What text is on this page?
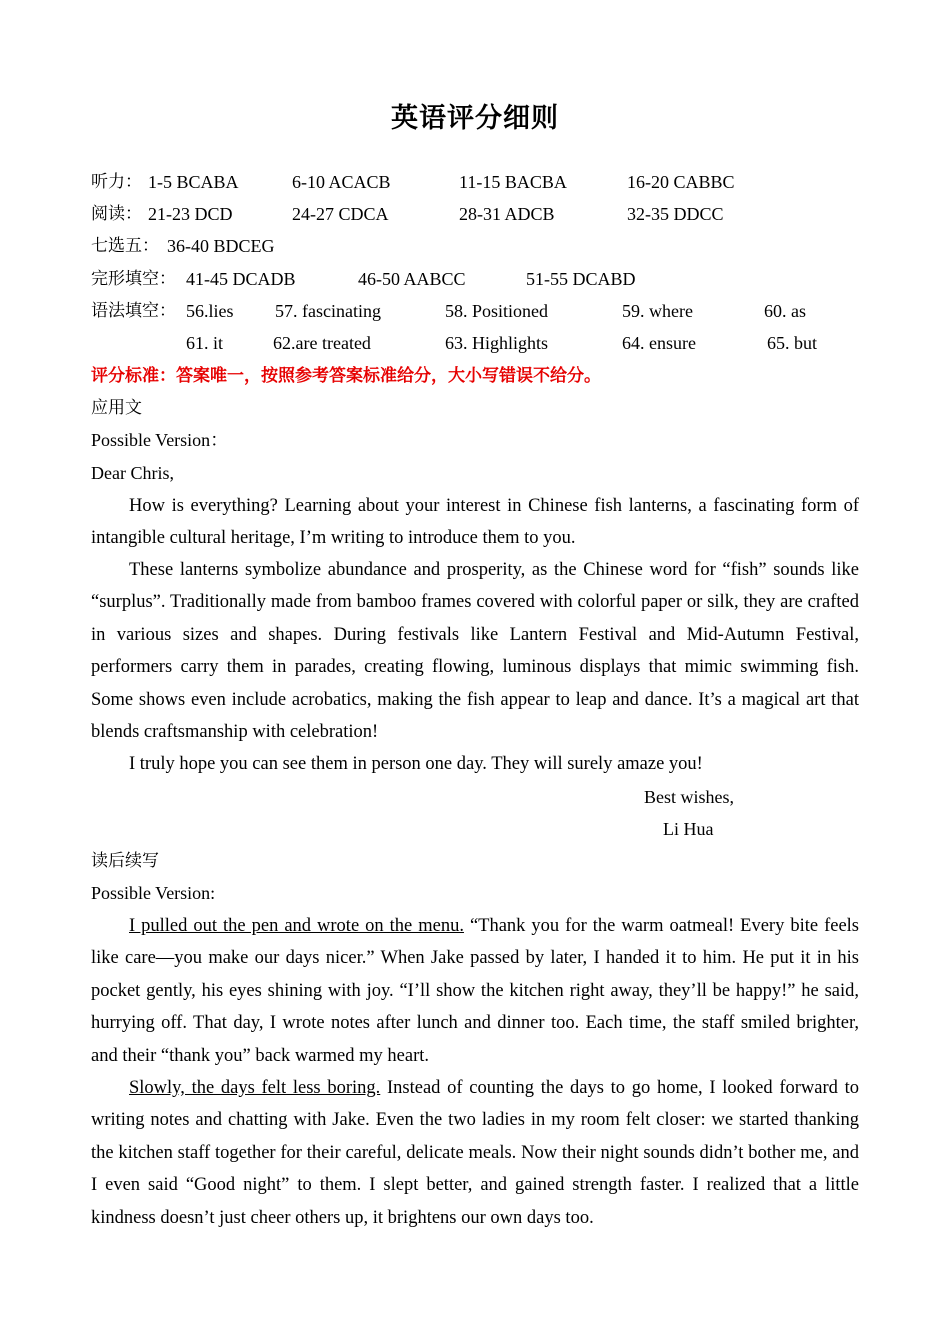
英语评分细则
听力： 1-5 BCABA	6-10 ACACB	11-15 BACBA	16-20 CABBC
阅读： 21-23 DCD	24-27 CDCA	28-31 ADCB	32-35 DDCC
七选五： 36-40 BDCEG
完形填空： 41-45 DCADB	46-50 AABCC	51-55 DCABD
语法填空： 56.lies 57. fascinating	58. Positioned	59. where	60. as
61. it	62.are treated	63. Highlights	64. ensure	65. but
评分标准：答案唯一，按照参考答案标准给分，大小写错误不给分。
应用文
Possible Version：
Dear Chris,

How is everything? Learning about your interest in Chinese fish lanterns, a fascinating form of intangible cultural heritage, I’m writing to introduce them to you.

These lanterns symbolize abundance and prosperity, as the Chinese word for “fish” sounds like “surplus”. Traditionally made from bamboo frames covered with colorful paper or silk, they are crafted in various sizes and shapes. During festivals like Lantern Festival and Mid-Autumn Festival, performers carry them in parades, creating flowing, luminous displays that mimic swimming fish. Some shows even include acrobatics, making the fish appear to leap and dance. It’s a magical art that blends craftsmanship with celebration!

I truly hope you can see them in person one day. They will surely amaze you!

Best wishes,
Li Hua
读后续写
Possible Version:

I pulled out the pen and wrote on the menu. “Thank you for the warm oatmeal! Every bite feels like care—you make our days nicer.” When Jake passed by later, I handed it to him. He put it in his pocket gently, his eyes shining with joy. “I’ll show the kitchen right away, they’ll be happy!” he said, hurrying off. That day, I wrote notes after lunch and dinner too. Each time, the staff smiled brighter, and their “thank you” back warmed my heart.

Slowly, the days felt less boring. Instead of counting the days to go home, I looked forward to writing notes and chatting with Jake. Even the two ladies in my room felt closer: we started thanking the kitchen staff together for their careful, delicate meals. Now their night sounds didn’t bother me, and I even said “Good night” to them. I slept better, and gained strength faster. I realized that a little kindness doesn’t just cheer others up, it brightens our own days too.
